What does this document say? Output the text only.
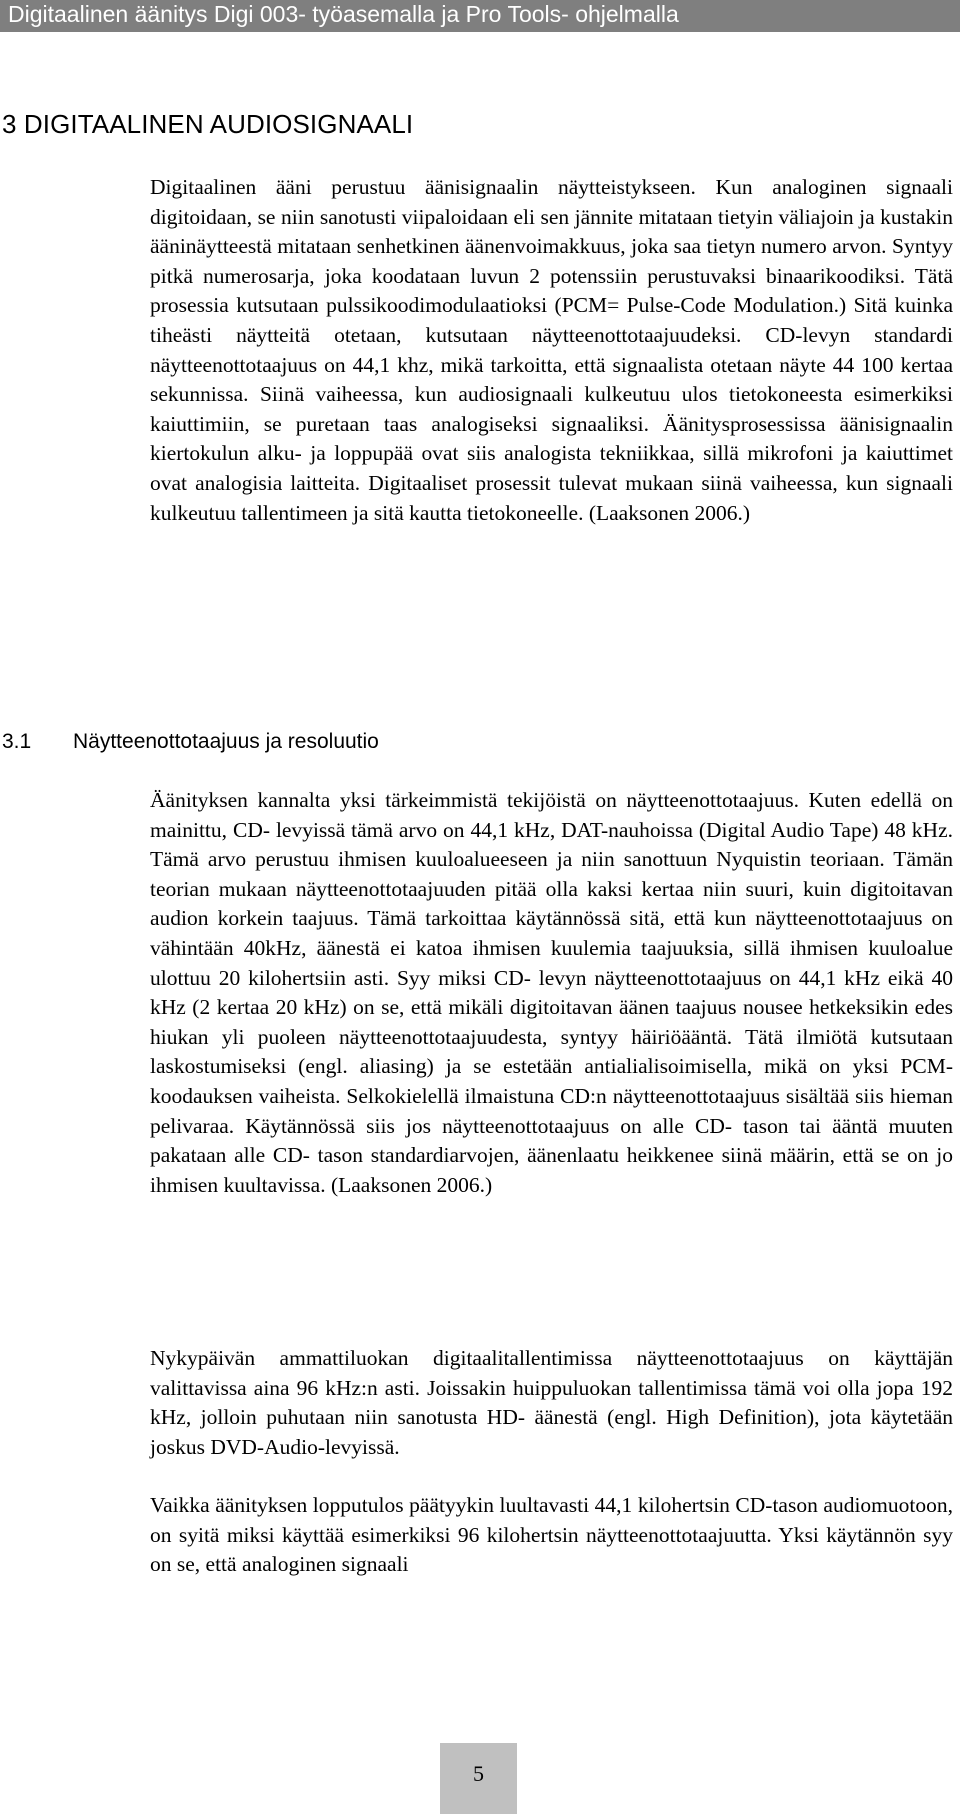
Digitaalinen äänitys Digi 003- työasemalla ja Pro Tools- ohjelmalla
3 DIGITAALINEN AUDIOSIGNAALI

Digitaalinen ääni perustuu äänisignaalin näytteistykseen. Kun analoginen signaali digitoidaan, se niin sanotusti viipaloidaan eli sen jännite mitataan tietyin väliajoin ja kustakin ääninäytteestä mitataan senhetkinen äänenvoimakkuus, joka saa tietyn numero arvon. Syntyy pitkä numerosarja, joka koodataan luvun 2 potenssiin perustuvaksi binaarikoodiksi. Tätä prosessia kutsutaan pulssikoodimodulaatioksi (PCM= Pulse-Code Modulation.) Sitä kuinka tiheästi näytteitä otetaan, kutsutaan näytteenottotaajuudeksi. CD-levyn standardi näytteenottotaajuus on 44,1 khz, mikä tarkoitta, että signaalista otetaan näyte 44 100 kertaa sekunnissa. Siinä vaiheessa, kun audiosignaali kulkeutuu ulos tietokoneesta esimerkiksi kaiuttimiin, se puretaan taas analogiseksi signaaliksi. Äänitysprosessissa äänisignaalin kiertokulun alku- ja loppupää ovat siis analogista tekniikkaa, sillä mikrofoni ja kaiuttimet ovat analogisia laitteita. Digitaaliset prosessit tulevat mukaan siinä vaiheessa, kun signaali kulkeutuu tallentimeen ja sitä kautta tietokoneelle. (Laaksonen 2006.)

3.1 Näytteenottotaajuus ja resoluutio

Äänityksen kannalta yksi tärkeimmistä tekijöistä on näytteenottotaajuus. Kuten edellä on mainittu, CD- levyissä tämä arvo on 44,1 kHz, DAT-nauhoissa (Digital Audio Tape) 48 kHz. Tämä arvo perustuu ihmisen kuuloalueeseen ja niin sanottuun Nyquistin teoriaan. Tämän teorian mukaan näytteenottotaajuuden pitää olla kaksi kertaa niin suuri, kuin digitoitavan audion korkein taajuus. Tämä tarkoittaa käytännössä sitä, että kun näytteenottotaajuus on vähintään 40kHz, äänestä ei katoa ihmisen kuulemia taajuuksia, sillä ihmisen kuuloalue ulottuu 20 kilohertsiin asti. Syy miksi CD- levyn näytteenottotaajuus on 44,1 kHz eikä 40 kHz (2 kertaa 20 kHz) on se, että mikäli digitoitavan äänen taajuus nousee hetkeksikin edes hiukan yli puoleen näytteenottotaajuudesta, syntyy häiriöääntä. Tätä ilmiötä kutsutaan laskostumiseksi (engl. aliasing) ja se estetään antialialisoimisella, mikä on yksi PCM- koodauksen vaiheista. Selkokielellä ilmaistuna CD:n näytteenottotaajuus sisältää siis hieman pelivaraa. Käytännössä siis jos näytteenottotaajuus on alle CD- tason tai ääntä muuten pakataan alle CD- tason standardiarvojen, äänenlaatu heikkenee siinä määrin, että se on jo ihmisen kuultavissa. (Laaksonen 2006.)

Nykypäivän ammattiluokan digitaalitallentimissa näytteenottotaajuus on käyttäjän valittavissa aina 96 kHz:n asti. Joissakin huippuluokan tallentimissa tämä voi olla jopa 192 kHz, jolloin puhutaan niin sanotusta HD- äänestä (engl. High Definition), jota käytetään joskus DVD-Audio-levyissä.

Vaikka äänityksen lopputulos päätyykin luultavasti 44,1 kilohertsin CD-tason audiomuotoon, on syitä miksi käyttää esimerkiksi 96 kilohertsin näytteenottotaajuutta. Yksi käytännön syy on se, että analoginen signaali

5
